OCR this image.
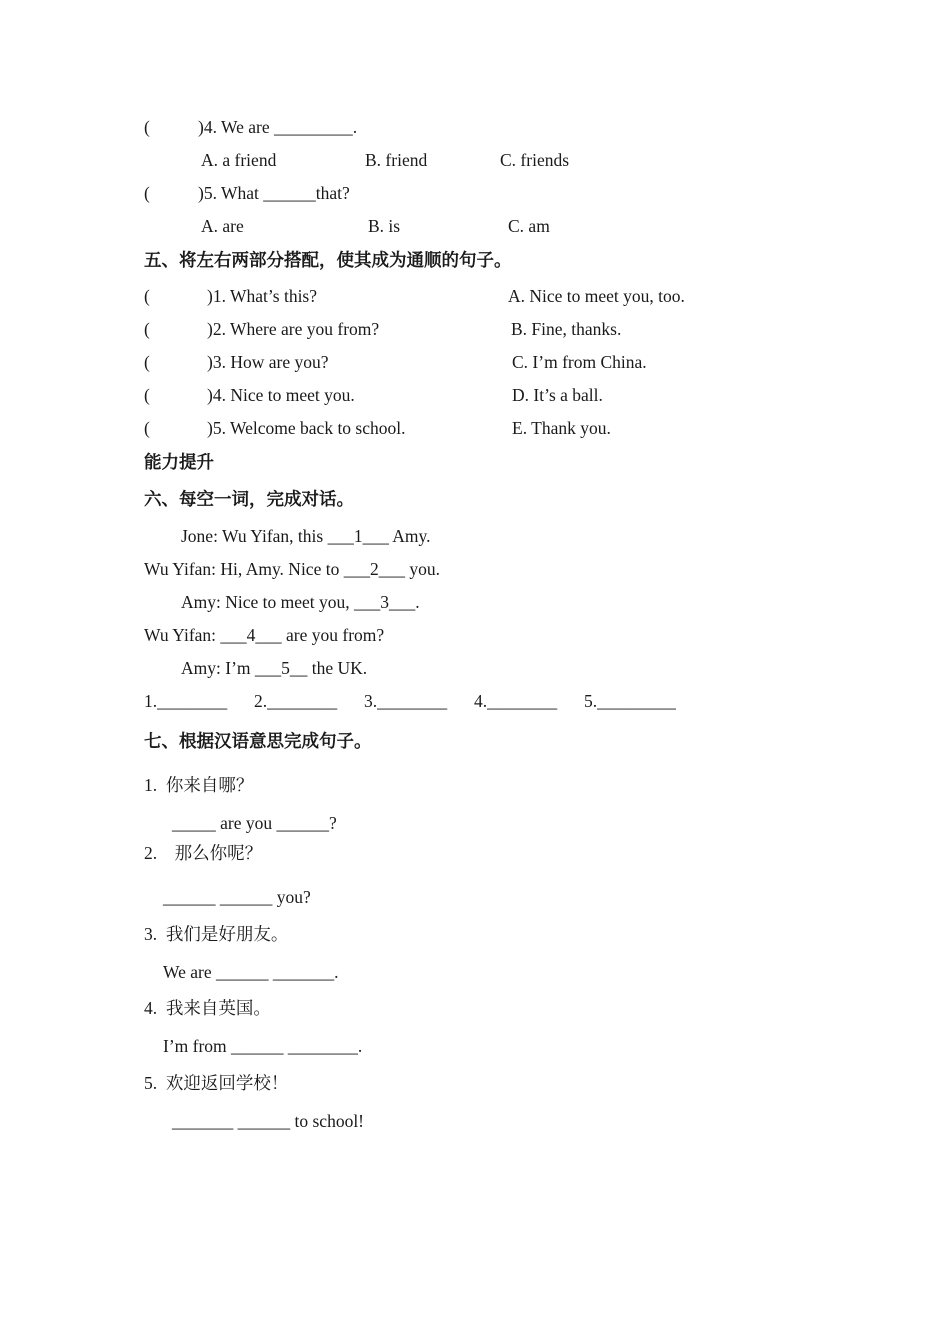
(	)4. We are _________.
A. a friend	B. friend	C. friends
(	)5. What ______that?
A. are	B. is	C. am
五、将左右两部分搭配，使其成为通顺的句子。
(	)1. What’s this?	A. Nice to meet you, too.
(	)2. Where are you from?	B. Fine, thanks.
(	)3. How are you?	C. I’m from China.
(	)4. Nice to meet you.	D. It’s a ball.
(	)5. Welcome back to school.	E. Thank you.
能力提升
六、每空一词，完成对话。
Jone: Wu Yifan, this ___1___ Amy.
Wu Yifan: Hi, Amy. Nice to ___2___ you.
Amy: Nice to meet you, ___3___.
Wu Yifan: ___4___ are you from?
Amy: I’m ___5__ the UK.
1.________ 2.________ 3.________ 4.________ 5._________
七、根据汉语意思完成句子。
1.  你来自哪？
_____ are you ______?
2.    那么你呢？
______ ______ you?
3.  我们是好朋友。
We are ______ _______.
4.  我来自英国。
I’m from ______ ________.
5.  欢迎返回学校！
_______ ______ to school!
